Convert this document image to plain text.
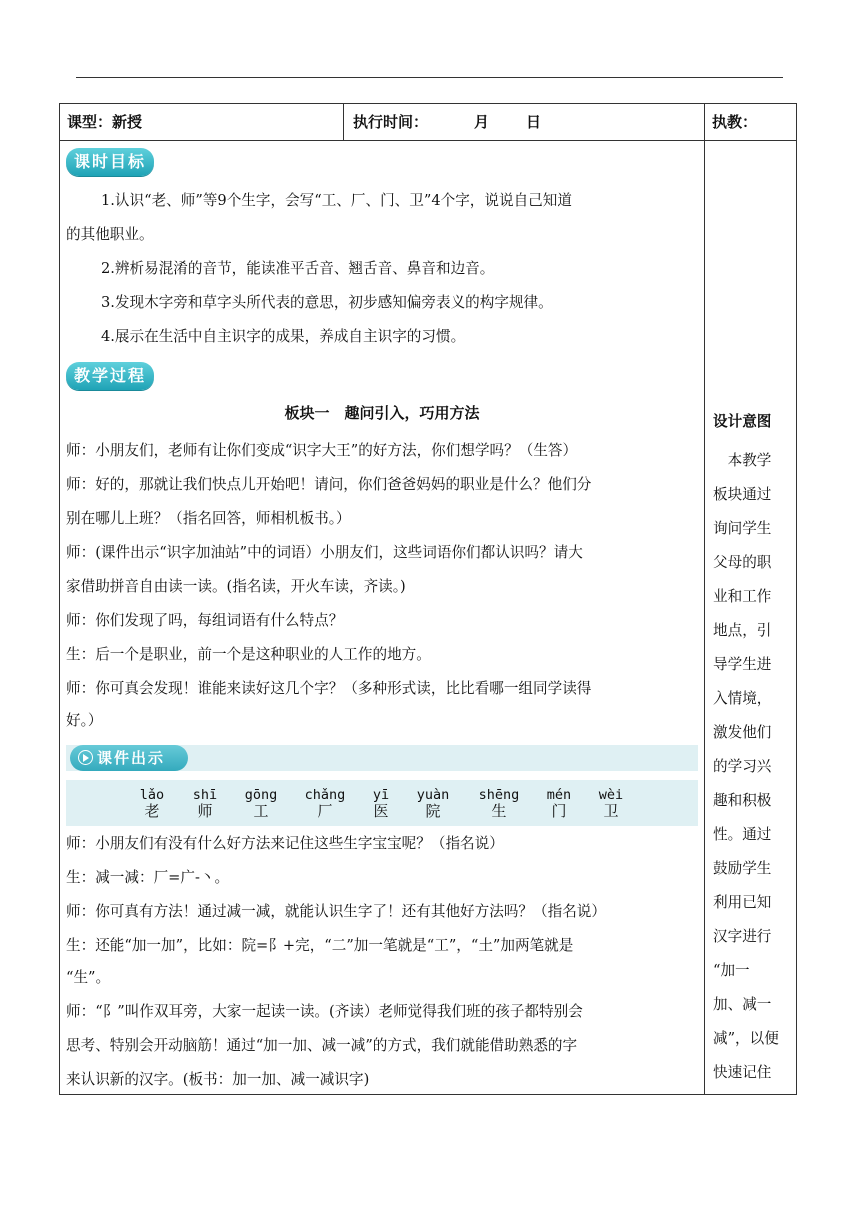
课型：新授	执行时间：	月 日	执教：
课时目标

1.认识“老、师”等9个生字，会写“工、厂、门、卫”4个字，说说自己知道

的其他职业。

2.辨析易混淆的音节，能读准平舌音、翘舌音、鼻音和边音。

3.发现木字旁和草字头所代表的意思，初步感知偏旁表义的构字规律。

4.展示在生活中自主识字的成果，养成自主识字的习惯。

教学过程
板块一　趣问引入，巧用方法

师：小朋友们，老师有让你们变成“识字大王”的好方法，你们想学吗？（生答）

师：好的，那就让我们快点儿开始吧！请问，你们爸爸妈妈的职业是什么？他们分

别在哪儿上班？（指名回答，师相机板书。）

师：(课件出示“识字加油站”中的词语）小朋友们，这些词语你们都认识吗？请大

家借助拼音自由读一读。(指名读，开火车读，齐读。)

师：你们发现了吗，每组词语有什么特点？

生：后一个是职业，前一个是这种职业的人工作的地方。

师：你可真会发现！谁能来读好这几个字？（多种形式读，比比看哪一组同学读得

好。）

课件出示
lǎo
老
shī
师
gōng
工
chǎng
厂
yī
医
yuàn
院
shēng
生
mén
门
wèi
卫

师：小朋友们有没有什么好方法来记住这些生字宝宝呢？（指名说）

生：减一减：厂=广-丶。

师：你可真有方法！通过减一减，就能认识生字了！还有其他好方法吗？（指名说）

生：还能“加一加”，比如：院=阝+完，“二”加一笔就是“工”，“土”加两笔就是

“生”。

师：“阝”叫作双耳旁，大家一起读一读。(齐读）老师觉得我们班的孩子都特别会

思考、特别会开动脑筋！通过“加一加、减一减”的方式，我们就能借助熟悉的字

来认识新的汉字。(板书：加一加、减一减识字)

设计意图
　本教学
板块通过
询问学生
父母的职
业和工作
地点，引
导学生进
入情境，
激发他们
的学习兴
趣和积极
性。通过
鼓励学生
利用已知
汉字进行
“加一
加、减一
减”，以便
快速记住
